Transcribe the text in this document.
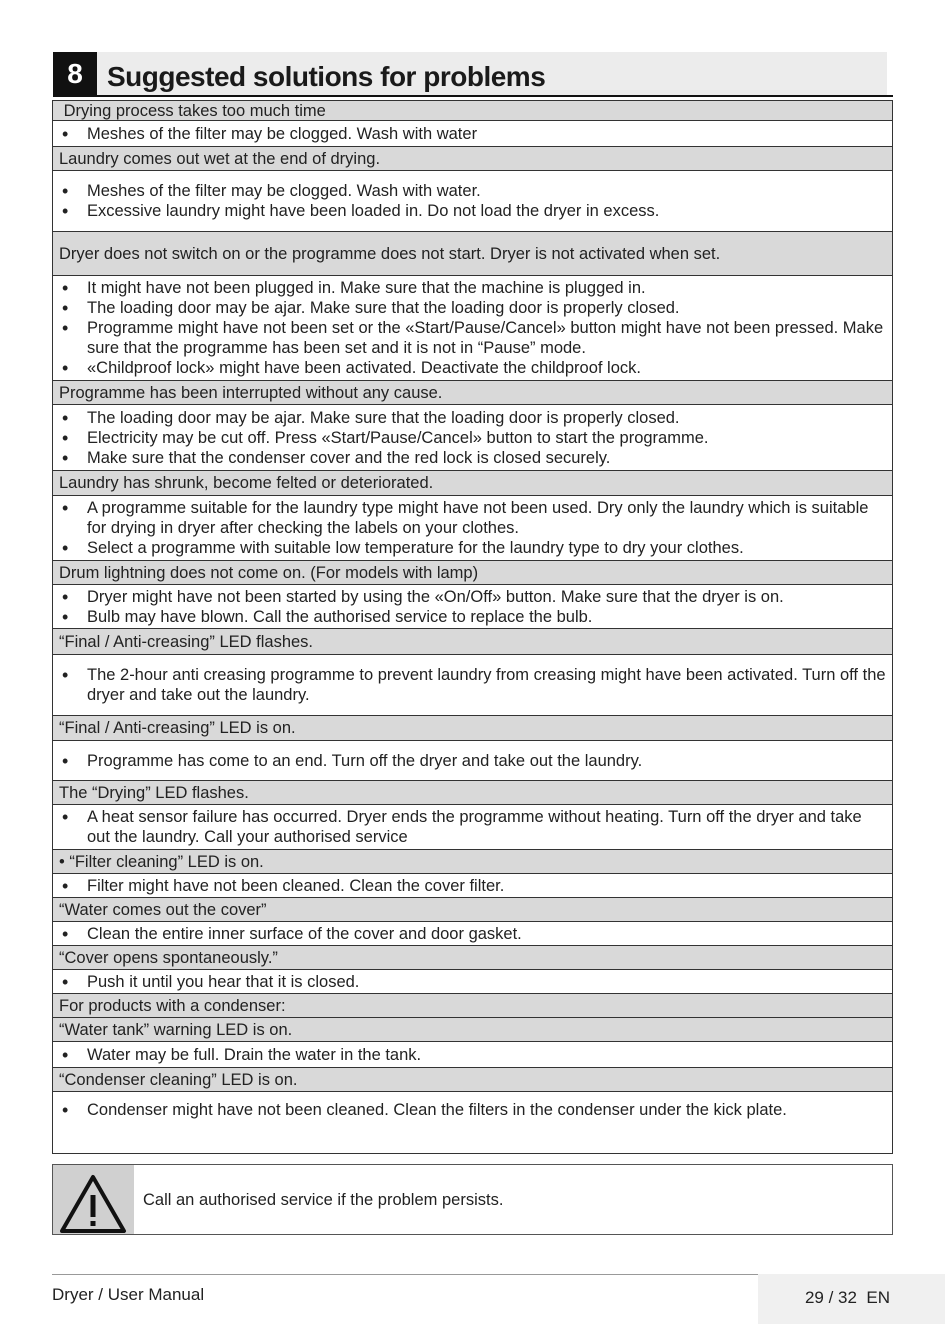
8 Suggested solutions for problems
Drying process takes too much time
• Meshes of the filter may be clogged. Wash with water
Laundry comes out wet at the end of drying.
• Meshes of the filter may be clogged. Wash with water.
• Excessive laundry might have been loaded in. Do not load the dryer in excess.
Dryer does not switch on or the programme does not start. Dryer is not activated when set.
• It might have not been plugged in. Make sure that the machine is plugged in.
• The loading door may be ajar. Make sure that the loading door is properly closed.
• Programme might have not been set or the «Start/Pause/Cancel» button might have not been pressed. Make sure that the programme has been set and it is not in “Pause” mode.
• «Childproof lock» might have been activated. Deactivate the childproof lock.
Programme has been interrupted without any cause.
• The loading door may be ajar. Make sure that the loading door is properly closed.
• Electricity may be cut off. Press «Start/Pause/Cancel» button to start the programme.
• Make sure that the condenser cover and the red lock is closed securely.
Laundry has shrunk, become felted or deteriorated.
• A programme suitable for the laundry type might have not been used. Dry only the laundry which is suitable for drying in dryer after checking the labels on your clothes.
• Select a programme with suitable low temperature for the laundry type to dry your clothes.
Drum lightning does not come on. (For models with lamp)
• Dryer might have not been started by using the «On/Off» button. Make sure that the dryer is on.
• Bulb may have blown. Call the authorised service to replace the bulb.
“Final / Anti-creasing” LED flashes.
• The 2-hour anti creasing programme to prevent laundry from creasing might have been activated. Turn off the dryer and take out the laundry.
“Final / Anti-creasing” LED is on.
• Programme has come to an end. Turn off the dryer and take out the laundry.
The “Drying” LED flashes.
• A heat sensor failure has occurred. Dryer ends the programme without heating. Turn off the dryer and take out the laundry. Call your authorised service
• “Filter cleaning” LED is on.
• Filter might have not been cleaned. Clean the cover filter.
“Water comes out the cover”
• Clean the entire inner surface of the cover and door gasket.
“Cover opens spontaneously.”
• Push it until you hear that it is closed.
For products with a condenser:
“Water tank” warning LED is on.
• Water may be full. Drain the water in the tank.
“Condenser cleaning” LED is on.
• Condenser might have not been cleaned. Clean the filters in the condenser under the kick plate.
Call an authorised service if the problem persists.
Dryer / User Manual	29 / 32  EN
